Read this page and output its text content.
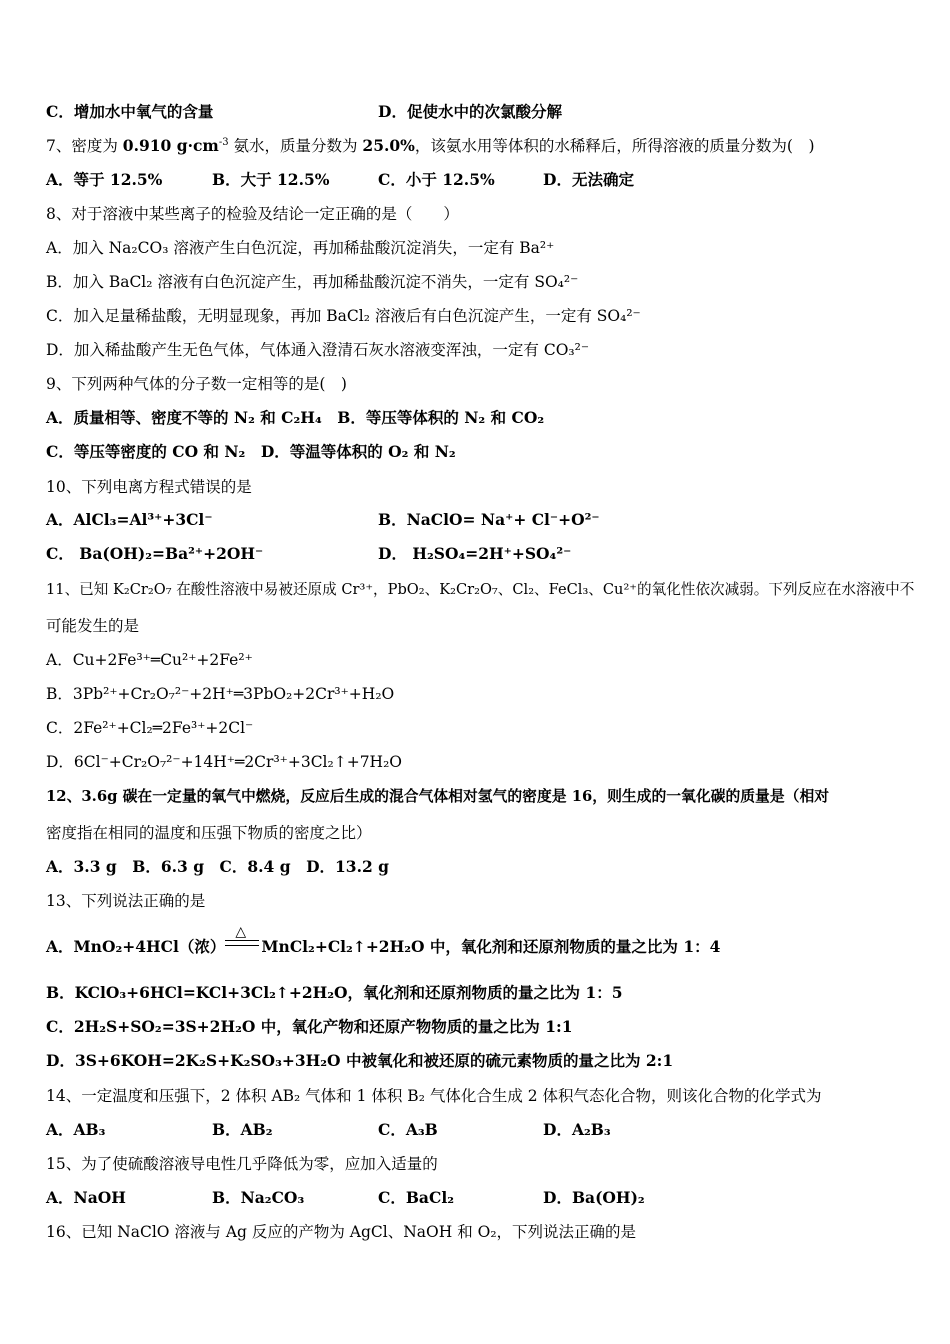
C．增加水中氧气的含量	D．促使水中的次氯酸分解
7、密度为 0.910 $g\cdot cm^{-3}$ 氨水，质量分数为 25.0%，该氨水用等体积的水稀释后，所得溶液的质量分数为(　)
A．等于 12.5%	B．大于 12.5%	C．小于 12.5%	D．无法确定
8、对于溶液中某些离子的检验及结论一定正确的是（　　）
A．加入 Na₂CO₃ 溶液产生白色沉淀，再加稀盐酸沉淀消失，一定有 Ba²⁺
B．加入 BaCl₂ 溶液有白色沉淀产生，再加稀盐酸沉淀不消失，一定有 SO₄²⁻
C．加入足量稀盐酸，无明显现象，再加 BaCl₂ 溶液后有白色沉淀产生，一定有 SO₄²⁻
D．加入稀盐酸产生无色气体，气体通入澄清石灰水溶液变浑浊，一定有 CO₃²⁻
9、下列两种气体的分子数一定相等的是(　)
A．质量相等、密度不等的 N₂ 和 C₂H₄　B．等压等体积的 N₂ 和 CO₂
C．等压等密度的 CO 和 N₂　D．等温等体积的 O₂ 和 N₂
10、下列电离方程式错误的是
A．AlCl₃=Al³⁺+3Cl⁻	B．NaClO= Na⁺+ Cl⁻+O²⁻
C． Ba(OH)₂=Ba²⁺+2OH⁻	D． H₂SO₄=2H⁺+SO₄²⁻
11、已知 K₂Cr₂O₇ 在酸性溶液中易被还原成 Cr³⁺，PbO₂、K₂Cr₂O₇、Cl₂、FeCl₃、Cu²⁺的氧化性依次减弱。下列反应在水溶液中不
可能发生的是
A．Cu+2Fe³⁺═Cu²⁺+2Fe²⁺
B．3Pb²⁺+Cr₂O₇²⁻+2H⁺═3PbO₂+2Cr³⁺+H₂O
C．2Fe²⁺+Cl₂═2Fe³⁺+2Cl⁻
D．6Cl⁻+Cr₂O₇²⁻+14H⁺═2Cr³⁺+3Cl₂↑+7H₂O
12、3.6g 碳在一定量的氧气中燃烧，反应后生成的混合气体相对氢气的密度是 16，则生成的一氧化碳的质量是（相对
密度指在相同的温度和压强下物质的密度之比）
A．3.3 g　B．6.3 g　C．8.4 g　D．13.2 g
13、下列说法正确的是
A．MnO₂+4HCl（浓）
△
MnCl₂+Cl₂↑+2H₂O 中，氧化剂和还原剂物质的量之比为 1：4
B．KClO₃+6HCl=KCl+3Cl₂↑+2H₂O，氧化剂和还原剂物质的量之比为 1：5
C．2H₂S+SO₂=3S+2H₂O 中，氧化产物和还原产物物质的量之比为 1:1
D．3S+6KOH=2K₂S+K₂SO₃+3H₂O 中被氧化和被还原的硫元素物质的量之比为 2:1
14、一定温度和压强下，2 体积 AB₂ 气体和 1 体积 B₂ 气体化合生成 2 体积气态化合物，则该化合物的化学式为
A．AB₃	B．AB₂	C．A₃B	D．A₂B₃
15、为了使硫酸溶液导电性几乎降低为零，应加入适量的
A．NaOH	B．Na₂CO₃	C．BaCl₂	D．Ba(OH)₂
16、已知 NaClO 溶液与 Ag 反应的产物为 AgCl、NaOH 和 O₂，下列说法正确的是
